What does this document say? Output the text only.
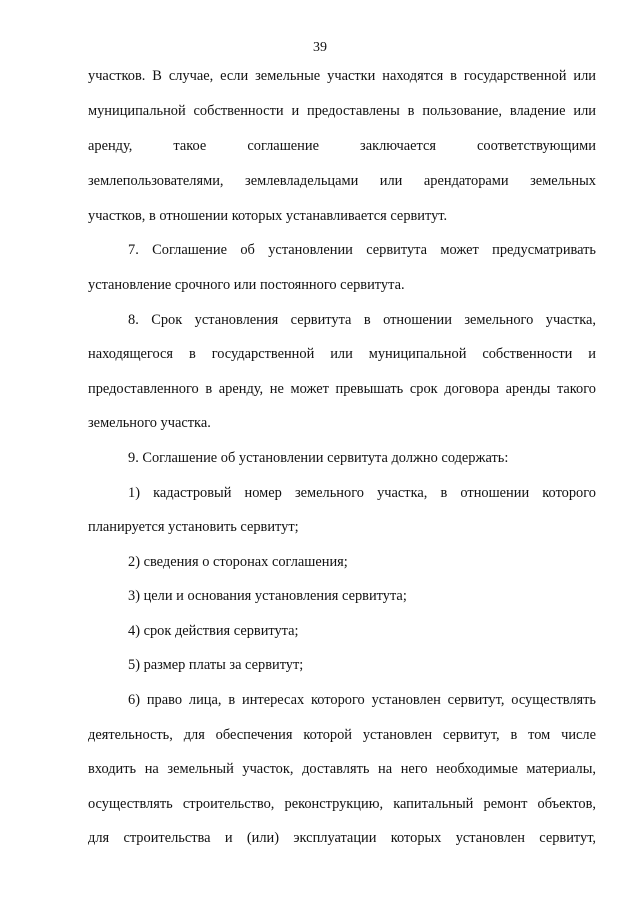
39
участков. В случае, если земельные участки находятся в государственной или
муниципальной собственности и предоставлены в пользование, владение или
аренду, такое соглашение заключается соответствующими
землепользователями, землевладельцами или арендаторами земельных
участков, в отношении которых устанавливается сервитут.
7. Соглашение об установлении сервитута может предусматривать
установление срочного или постоянного сервитута.
8. Срок установления сервитута в отношении земельного участка,
находящегося в государственной или муниципальной собственности и
предоставленного в аренду, не может превышать срок договора аренды такого
земельного участка.
9. Соглашение об установлении сервитута должно содержать:
1) кадастровый номер земельного участка, в отношении которого
планируется установить сервитут;
2) сведения о сторонах соглашения;
3) цели и основания установления сервитута;
4) срок действия сервитута;
5) размер платы за сервитут;
6) право лица, в интересах которого установлен сервитут, осуществлять
деятельность, для обеспечения которой установлен сервитут, в том числе
входить на земельный участок, доставлять на него необходимые материалы,
осуществлять строительство, реконструкцию, капитальный ремонт объектов,
для строительства и (или) эксплуатации которых установлен сервитут,
